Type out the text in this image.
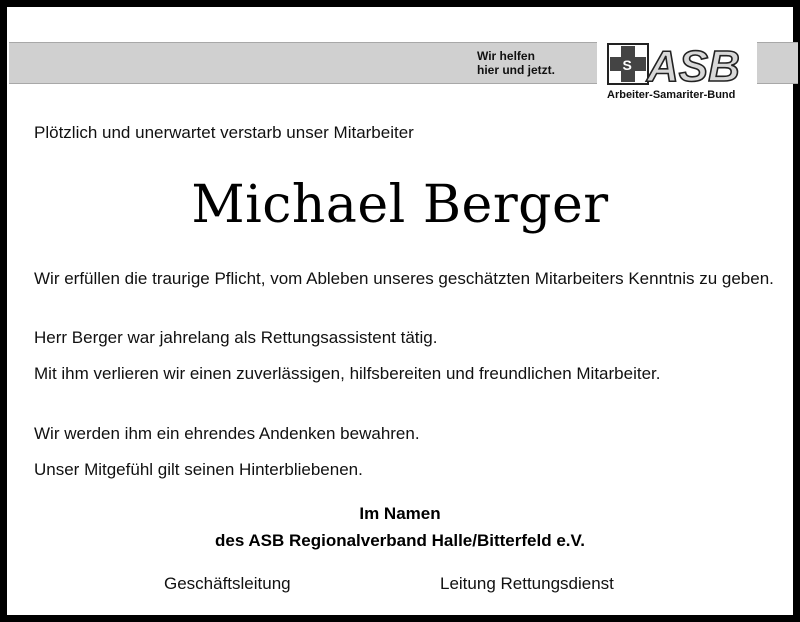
Wir helfen
hier und jetzt.	S ASB
Arbeiter-Samariter-Bund
Plötzlich und unerwartet verstarb unser Mitarbeiter
Michael Berger
Wir erfüllen die traurige Pflicht, vom Ableben unseres geschätzten Mitarbeiters Kenntnis zu geben.
Herr Berger war jahrelang als Rettungsassistent tätig.
Mit ihm verlieren wir einen zuverlässigen, hilfsbereiten und freundlichen Mitarbeiter.
Wir werden ihm ein ehrendes Andenken bewahren.
Unser Mitgefühl gilt seinen Hinterbliebenen.
Im Namen
des ASB Regionalverband Halle/Bitterfeld e.V.
Geschäftsleitung	Leitung Rettungsdienst
